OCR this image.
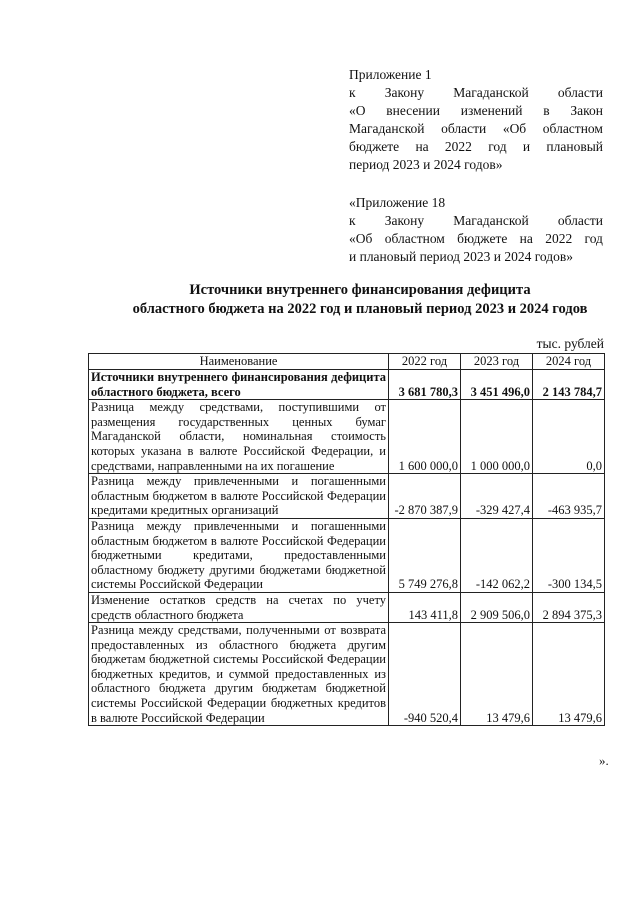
Приложение 1
к Закону Магаданской области
«О внесении изменений в Закон
Магаданской области «Об областном
бюджете на 2022 год и плановый
период 2023 и 2024 годов»
«Приложение 18
к Закону Магаданской области
«Об областном бюджете на 2022 год
и плановый период 2023 и 2024 годов»
Источники внутреннего финансирования дефицита
областного бюджета на 2022 год и плановый период 2023 и 2024 годов
тыс. рублей
Наименование	2022 год	2023 год	2024 год
Источники внутреннего финансирования дефицита областного бюджета, всего	3 681 780,3	3 451 496,0	2 143 784,7
Разница между средствами, поступившими от размещения государственных ценных бумаг Магаданской области, номинальная стоимость которых указана в валюте Российской Федерации, и средствами, направленными на их погашение	1 600 000,0	1 000 000,0	0,0
Разница между привлеченными и погашенными областным бюджетом в валюте Российской Федерации кредитами кредитных организаций	-2 870 387,9	-329 427,4	-463 935,7
Разница между привлеченными и погашенными областным бюджетом в валюте Российской Федерации бюджетными кредитами, предоставленными областному бюджету другими бюджетами бюджетной системы Российской Федерации	5 749 276,8	-142 062,2	-300 134,5
Изменение остатков средств на счетах по учету средств областного бюджета	143 411,8	2 909 506,0	2 894 375,3
Разница между средствами, полученными от возврата предоставленных из областного бюджета другим бюджетам бюджетной системы Российской Федерации бюджетных кредитов, и суммой предоставленных из областного бюджета другим бюджетам бюджетной системы Российской Федерации бюджетных кредитов в валюте Российской Федерации	-940 520,4	13 479,6	13 479,6
».
